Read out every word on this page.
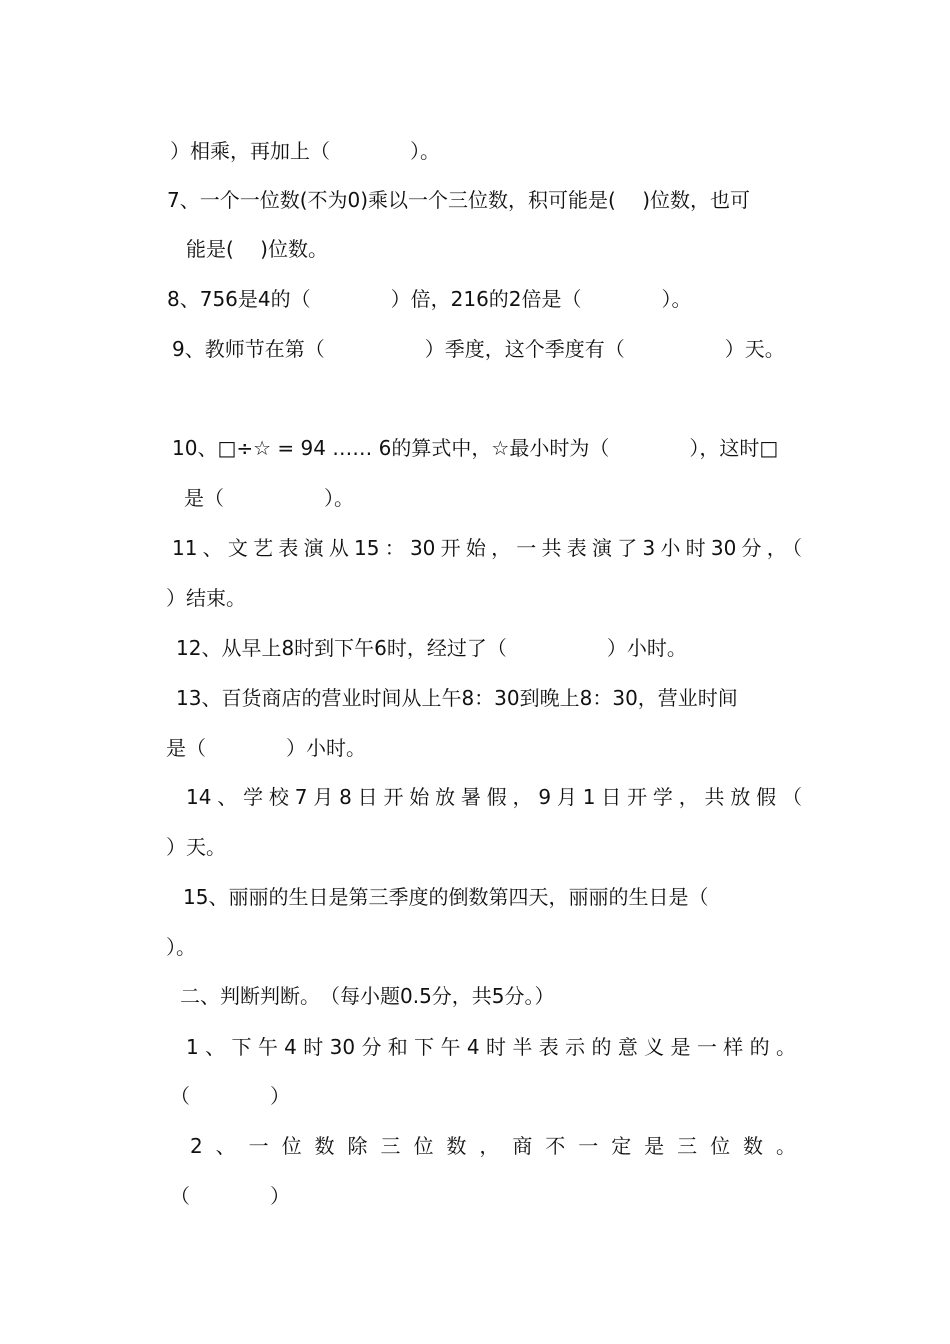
）相乘，再加上（　　　　）。
7、一个一位数(不为0)乘以一个三位数，积可能是(　 )位数，也可
能是(　 )位数。
8、756是4的（　　　　）倍，216的2倍是（　　　　）。
9、教师节在第（　　　　　）季度，这个季度有（　　　　　）天。
10、□÷☆ = 94 …… 6的算式中，☆最小时为（　　　　），这时□
是（　　　　　）。
11、文艺表演从15：30开始，一共表演了3小时30分，（
）结束。
12、从早上8时到下午6时，经过了（　　　　　）小时。
13、百货商店的营业时间从上午8：30到晚上8：30，营业时间
是（　　　　）小时。
14、学校7月8日开始放暑假，9月1日开学，共放假（
）天。
15、丽丽的生日是第三季度的倒数第四天，丽丽的生日是（
）。
二、判断判断。　（每小题0.5分，共5分。）
1、下午4时30分和下午4时半表示的意义是一样的。
（　　　　）
2、一位数除三位数，商不一定是三位数。
（　　　　）
